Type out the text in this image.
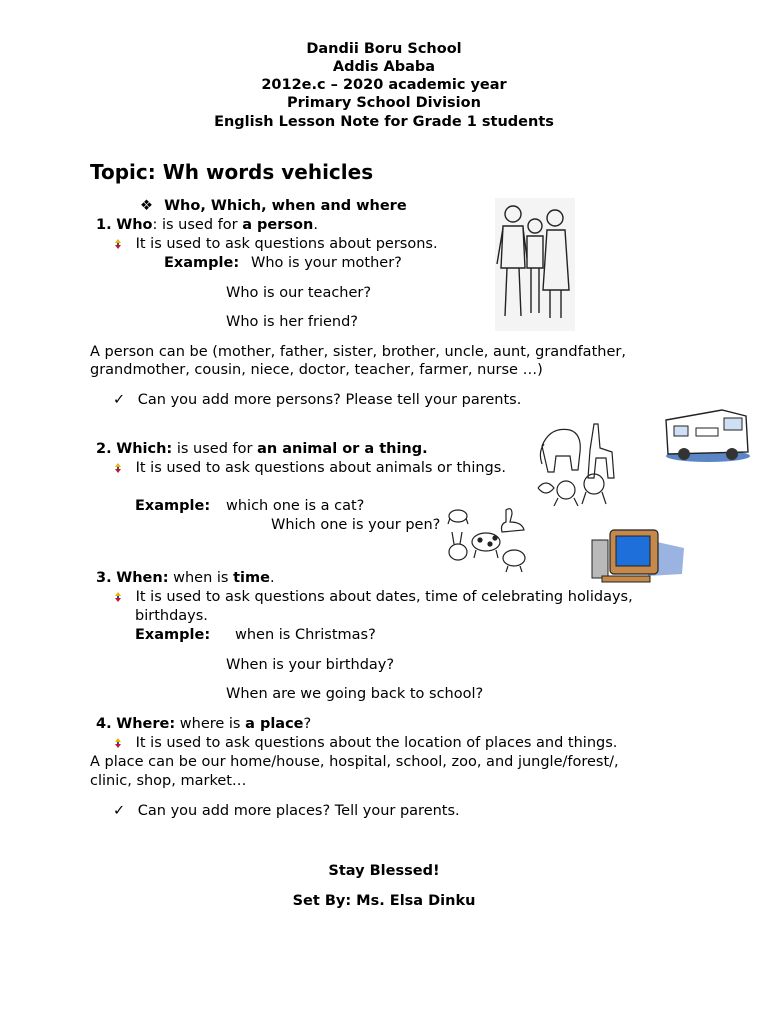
Dandii Boru School
Addis Ababa
2012e.c – 2020 academic year
Primary School Division
English Lesson Note for Grade 1 students
Topic: Wh words vehicles
❖ Who, Which, when and where
1. Who: is used for a person.
It is used to ask questions about persons.
Example: Who is your mother?
Who is our teacher?
Who is her friend?
A person can be (mother, father, sister, brother, uncle, aunt, grandfather,
grandmother, cousin, niece, doctor, teacher, farmer, nurse …)
✓ Can you add more persons? Please tell your parents.
2. Which: is used for an animal or a thing.
It is used to ask questions about animals or things.
Example: which one is a cat?
Which one is your pen?
3. When: when is time.
It is used to ask questions about dates, time of celebrating holidays,
birthdays.
Example: when is Christmas?
When is your birthday?
When are we going back to school?
4. Where: where is a place?
It is used to ask questions about the location of places and things.
A place can be our home/house, hospital, school, zoo, and jungle/forest/,
clinic, shop, market…
✓ Can you add more places? Tell your parents.
Stay Blessed!
Set By: Ms. Elsa Dinku
